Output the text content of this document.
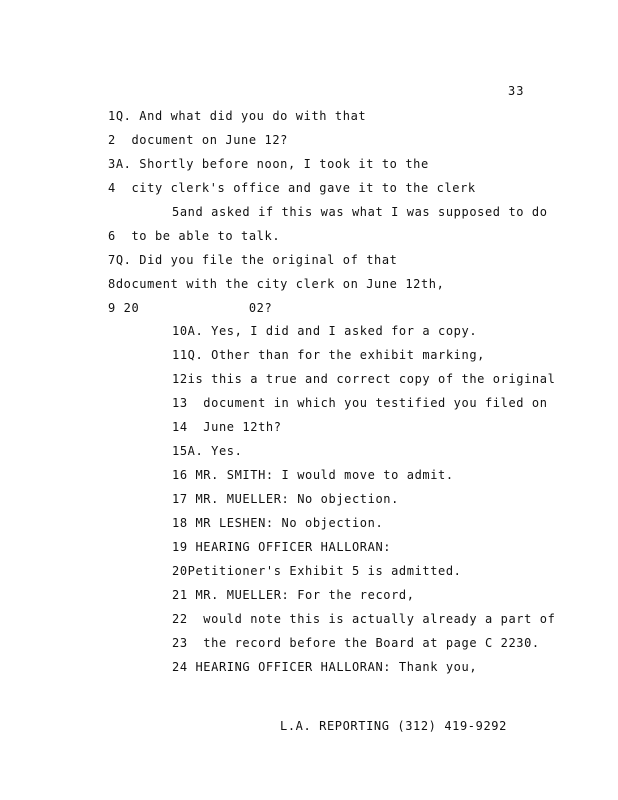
33
1Q. And what did you do with that
2  document on June 12?
3A. Shortly before noon, I took it to the
4  city clerk's office and gave it to the clerk
5and asked if this was what I was supposed to do
6  to be able to talk.
7Q. Did you file the original of that
8document with the city clerk on June 12th,
9 20              02?
10A. Yes, I did and I asked for a copy.
11Q. Other than for the exhibit marking,
12is this a true and correct copy of the original
13  document in which you testified you filed on
14  June 12th?
15A. Yes.
16 MR. SMITH: I would move to admit.
17 MR. MUELLER: No objection.
18 MR LESHEN: No objection.
19 HEARING OFFICER HALLORAN:
20Petitioner's Exhibit 5 is admitted.
21 MR. MUELLER: For the record,
22  would note this is actually already a part of
23  the record before the Board at page C 2230.
24 HEARING OFFICER HALLORAN: Thank you,
L.A. REPORTING (312) 419-9292
